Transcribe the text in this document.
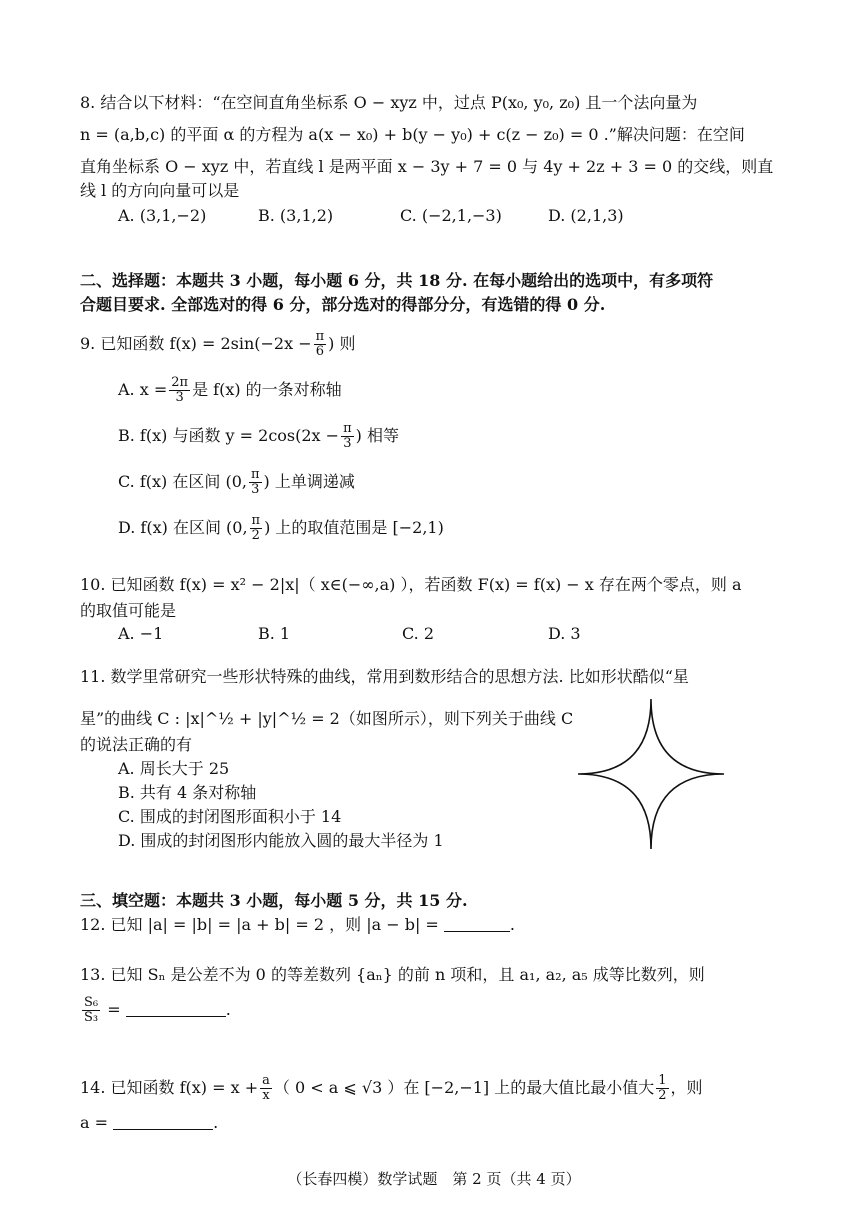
8. 结合以下材料：“在空间直角坐标系 O − xyz 中，过点 P(x₀, y₀, z₀) 且一个法向量为
n = (a,b,c) 的平面 α 的方程为 a(x − x₀) + b(y − y₀) + c(z − z₀) = 0 .”解决问题：在空间
直角坐标系 O − xyz 中，若直线 l 是两平面 x − 3y + 7 = 0 与 4y + 2z + 3 = 0 的交线，则直
线 l 的方向向量可以是
A. (3,1,−2)	B. (3,1,2)	C. (−2,1,−3)	D. (2,1,3)
二、选择题：本题共 3 小题，每小题 6 分，共 18 分. 在每小题给出的选项中，有多项符
合题目要求. 全部选对的得 6 分，部分选对的得部分分，有选错的得 0 分.
9. 已知函数 $f(x) = 2\sin(-2x - \frac{\pi}{6}$ ) 则
A. $x = \frac{2\pi}{3}$ 是 f(x) 的一条对称轴
B. f(x) 与函数 $y = 2\cos(2x - \frac{\pi}{3}$ ) 相等
C. f(x) 在区间 (0, $\frac{\pi}{3}$ ) 上单调递减
D. f(x) 在区间 (0, $\frac{\pi}{2}$ ) 上的取值范围是 [−2,1)
10. 已知函数 f(x) = x² − 2|x|（ x∈(−∞,a) ），若函数 F(x) = f(x) − x 存在两个零点，则 a
的取值可能是
A. −1	B. 1	C. 2	D. 3
11. 数学里常研究一些形状特殊的曲线，常用到数形结合的思想方法. 比如形状酷似“星
星”的曲线 C : |x|^½ + |y|^½ = 2（如图所示），则下列关于曲线 C
的说法正确的有
A. 周长大于 25
B. 共有 4 条对称轴
C. 围成的封闭图形面积小于 14
D. 围成的封闭图形内能放入圆的最大半径为 1
三、填空题：本题共 3 小题，每小题 5 分，共 15 分.
12. 已知 |a| = |b| = |a + b| = 2 ，则 |a − b| =	.
13. 已知 Sₙ 是公差不为 0 的等差数列 {aₙ} 的前 n 项和，且 a₁, a₂, a₅ 成等比数列，则
$\frac{\text{S₆}}{\text{S₃}}$ =	.
14. 已知函数 $f(x) = x + \frac{a}{x}$ （ 0 < a ⩽ √3 ）在 [−2,−1] 上的最大值比最小值大 $\frac{1}{2}$ ，则
a =	.
（长春四模）数学试题　第 2 页（共 4 页）
